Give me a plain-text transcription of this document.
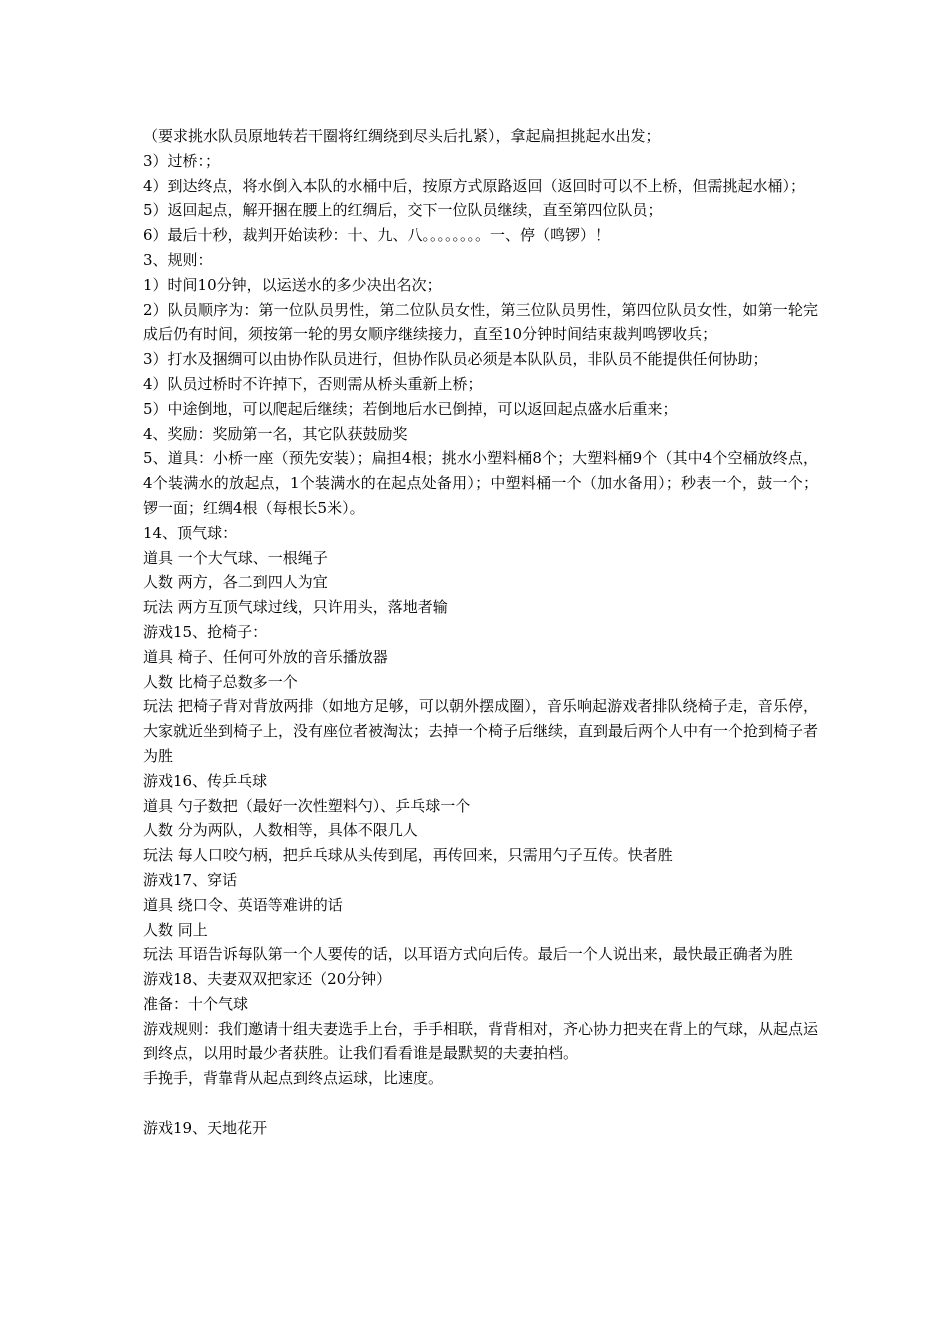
（要求挑水队员原地转若干圈将红绸绕到尽头后扎紧），拿起扁担挑起水出发；

3）过桥：；

4）到达终点，将水倒入本队的水桶中后，按原方式原路返回（返回时可以不上桥，但需挑起水桶）；

5）返回起点，解开捆在腰上的红绸后，交下一位队员继续，直至第四位队员；

6）最后十秒，裁判开始读秒：十、九、八。。。。。。。。一、停（鸣锣）！

3、规则：

1）时间10分钟，以运送水的多少决出名次；

2）队员顺序为：第一位队员男性，第二位队员女性，第三位队员男性，第四位队员女性，如第一轮完成后仍有时间，须按第一轮的男女顺序继续接力，直至10分钟时间结束裁判鸣锣收兵；

3）打水及捆绸可以由协作队员进行，但协作队员必须是本队队员，非队员不能提供任何协助；

4）队员过桥时不许掉下，否则需从桥头重新上桥；

5）中途倒地，可以爬起后继续；若倒地后水已倒掉，可以返回起点盛水后重来；

4、奖励：奖励第一名，其它队获鼓励奖

5、道具：小桥一座（预先安装）；扁担4根；挑水小塑料桶8个；大塑料桶9个（其中4个空桶放终点，4个装满水的放起点，1个装满水的在起点处备用）；中塑料桶一个（加水备用）；秒表一个，鼓一个；锣一面；红绸4根（每根长5米）。

14、顶气球：

道具 一个大气球、一根绳子

人数 两方，各二到四人为宜

玩法 两方互顶气球过线，只许用头，落地者输

游戏15、抢椅子：

道具 椅子、任何可外放的音乐播放器

人数 比椅子总数多一个

玩法 把椅子背对背放两排（如地方足够，可以朝外摆成圈），音乐响起游戏者排队绕椅子走，音乐停，大家就近坐到椅子上，没有座位者被淘汰；去掉一个椅子后继续，直到最后两个人中有一个抢到椅子者为胜

游戏16、传乒乓球

道具 勺子数把（最好一次性塑料勺）、乒乓球一个

人数 分为两队，人数相等，具体不限几人

玩法 每人口咬勺柄，把乒乓球从头传到尾，再传回来，只需用勺子互传。快者胜

游戏17、穿话

道具 绕口令、英语等难讲的话

人数 同上

玩法 耳语告诉每队第一个人要传的话，以耳语方式向后传。最后一个人说出来，最快最正确者为胜

游戏18、夫妻双双把家还（20分钟）

准备：十个气球

游戏规则：我们邀请十组夫妻选手上台，手手相联，背背相对，齐心协力把夹在背上的气球，从起点运到终点，以用时最少者获胜。让我们看看谁是最默契的夫妻拍档。

手挽手，背靠背从起点到终点运球，比速度。

游戏19、天地花开
